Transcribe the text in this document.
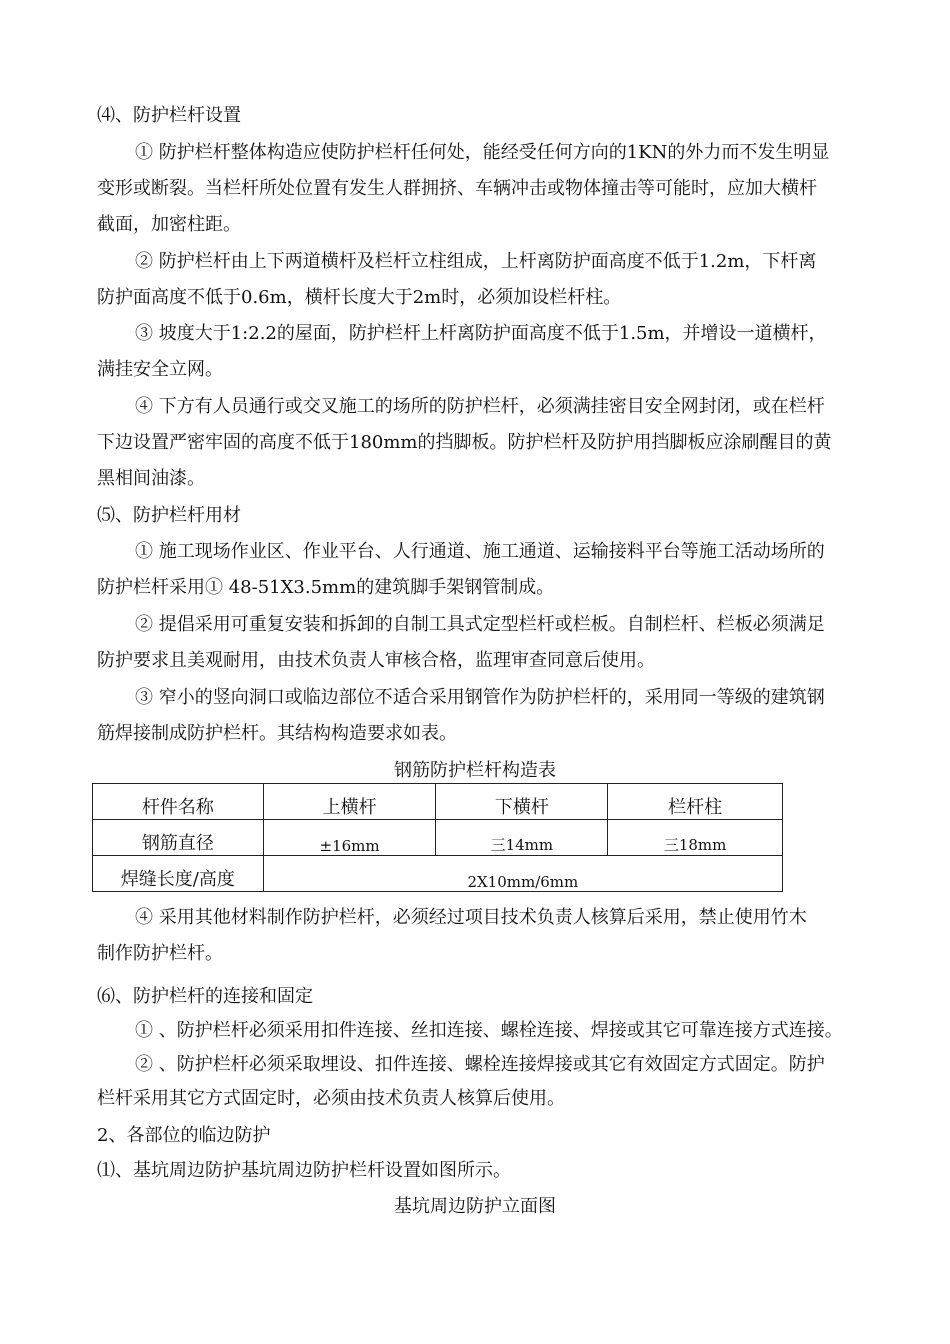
⑷、防护栏杆设置
① 防护栏杆整体构造应使防护栏杆任何处，能经受任何方向的1KN的外力而不发生明显
变形或断裂。当栏杆所处位置有发生人群拥挤、车辆冲击或物体撞击等可能时，应加大横杆
截面，加密柱距。
② 防护栏杆由上下两道横杆及栏杆立柱组成，上杆离防护面高度不低于1.2m，下杆离
防护面高度不低于0.6m，横杆长度大于2m时，必须加设栏杆柱。
③ 坡度大于1:2.2的屋面，防护栏杆上杆离防护面高度不低于1.5m，并增设一道横杆，
满挂安全立网。
④ 下方有人员通行或交叉施工的场所的防护栏杆，必须满挂密目安全网封闭，或在栏杆
下边设置严密牢固的高度不低于180mm的挡脚板。防护栏杆及防护用挡脚板应涂刷醒目的黄
黑相间油漆。
⑸、防护栏杆用材
① 施工现场作业区、作业平台、人行通道、施工通道、运输接料平台等施工活动场所的
防护栏杆采用① 48-51X3.5mm的建筑脚手架钢管制成。
② 提倡采用可重复安装和拆卸的自制工具式定型栏杆或栏板。自制栏杆、栏板必须满足
防护要求且美观耐用，由技术负责人审核合格，监理审查同意后使用。
③ 窄小的竖向洞口或临边部位不适合采用钢管作为防护栏杆的，采用同一等级的建筑钢
筋焊接制成防护栏杆。其结构构造要求如表。
钢筋防护栏杆构造表
杆件名称	上横杆	下横杆	栏杆柱
钢筋直径	±16mm	三14mm	三18mm
焊缝长度/高度	2X10mm/6mm		
④ 采用其他材料制作防护栏杆，必须经过项目技术负责人核算后采用，禁止使用竹木
制作防护栏杆。
⑹、防护栏杆的连接和固定
① 、防护栏杆必须采用扣件连接、丝扣连接、螺栓连接、焊接或其它可靠连接方式连接。
② 、防护栏杆必须采取埋设、扣件连接、螺栓连接焊接或其它有效固定方式固定。防护
栏杆采用其它方式固定时，必须由技术负责人核算后使用。
2、各部位的临边防护
⑴、基坑周边防护基坑周边防护栏杆设置如图所示。
基坑周边防护立面图
